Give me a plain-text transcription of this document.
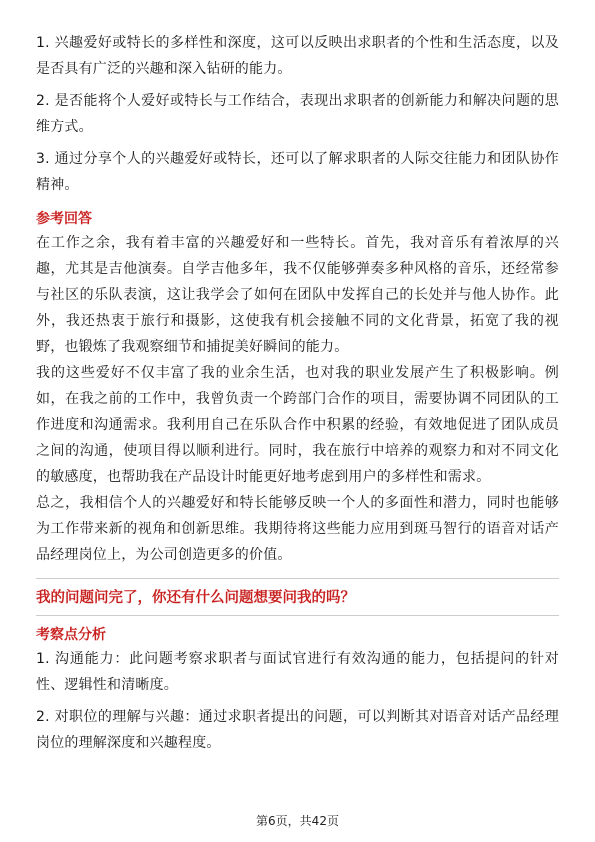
1. 兴趣爱好或特长的多样性和深度，这可以反映出求职者的个性和生活态度，以及是否具有广泛的兴趣和深入钻研的能力。

2. 是否能将个人爱好或特长与工作结合，表现出求职者的创新能力和解决问题的思维方式。

3. 通过分享个人的兴趣爱好或特长，还可以了解求职者的人际交往能力和团队协作精神。

参考回答

在工作之余，我有着丰富的兴趣爱好和一些特长。首先，我对音乐有着浓厚的兴趣，尤其是吉他演奏。自学吉他多年，我不仅能够弹奏多种风格的音乐，还经常参与社区的乐队表演，这让我学会了如何在团队中发挥自己的长处并与他人协作。此外，我还热衷于旅行和摄影，这使我有机会接触不同的文化背景，拓宽了我的视野，也锻炼了我观察细节和捕捉美好瞬间的能力。

我的这些爱好不仅丰富了我的业余生活，也对我的职业发展产生了积极影响。例如，在我之前的工作中，我曾负责一个跨部门合作的项目，需要协调不同团队的工作进度和沟通需求。我利用自己在乐队合作中积累的经验，有效地促进了团队成员之间的沟通，使项目得以顺利进行。同时，我在旅行中培养的观察力和对不同文化的敏感度，也帮助我在产品设计时能更好地考虑到用户的多样性和需求。

总之，我相信个人的兴趣爱好和特长能够反映一个人的多面性和潜力，同时也能够为工作带来新的视角和创新思维。我期待将这些能力应用到斑马智行的语音对话产品经理岗位上，为公司创造更多的价值。

我的问题问完了，你还有什么问题想要问我的吗？

考察点分析

1. 沟通能力：此问题考察求职者与面试官进行有效沟通的能力，包括提问的针对性、逻辑性和清晰度。

2. 对职位的理解与兴趣：通过求职者提出的问题，可以判断其对语音对话产品经理岗位的理解深度和兴趣程度。

第6页，共42页
